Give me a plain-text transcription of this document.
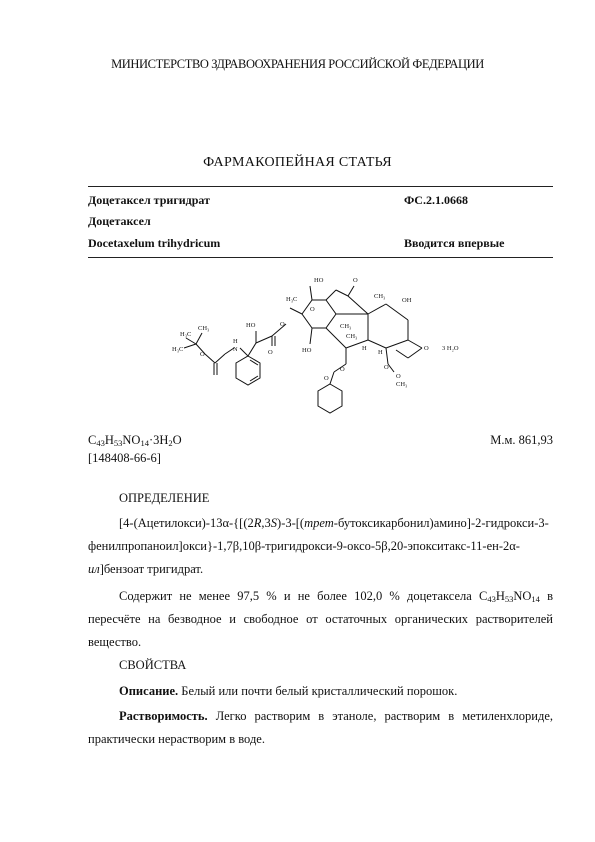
МИНИСТЕРСТВО ЗДРАВООХРАНЕНИЯ РОССИЙСКОЙ ФЕДЕРАЦИИ
ФАРМАКОПЕЙНАЯ СТАТЬЯ
Доцетаксел тригидрат	ФС.2.1.0668
Доцетаксел
Docetaxelum trihydricum	Вводится впервые
HO	O
H₃C	CH₃
OH
HO
H₃C
CH₃
H₃C
O
H
N
O	O
CH₃
CH₃
HO	H
H
O
O
O
O
O
O
CH₃
3 H₂O
$C_{43}H_{53}NO_{14}\cdot 3H_2O$	М.м. 861,93
[148408-66-6]
ОПРЕДЕЛЕНИЕ
[4-(Ацетилокси)-13α-{[(2R,3S)-3-[(трет-бутоксикарбонил)амино]-2-гидрокси-3-фенилпропаноил]окси}-1,7β,10β-тригидрокси-9-оксо-5β,20-эпокситакс-11-ен-2α-ил]бензоат тригидрат.
Содержит не менее 97,5 % и не более 102,0 % доцетаксела $C_{43}H_{53}NO_{14}$ в пересчёте на безводное и свободное от остаточных органических растворителей вещество.
СВОЙСТВА
Описание. Белый или почти белый кристаллический порошок.
Растворимость. Легко растворим в этаноле, растворим в метиленхлориде, практически нерастворим в воде.
